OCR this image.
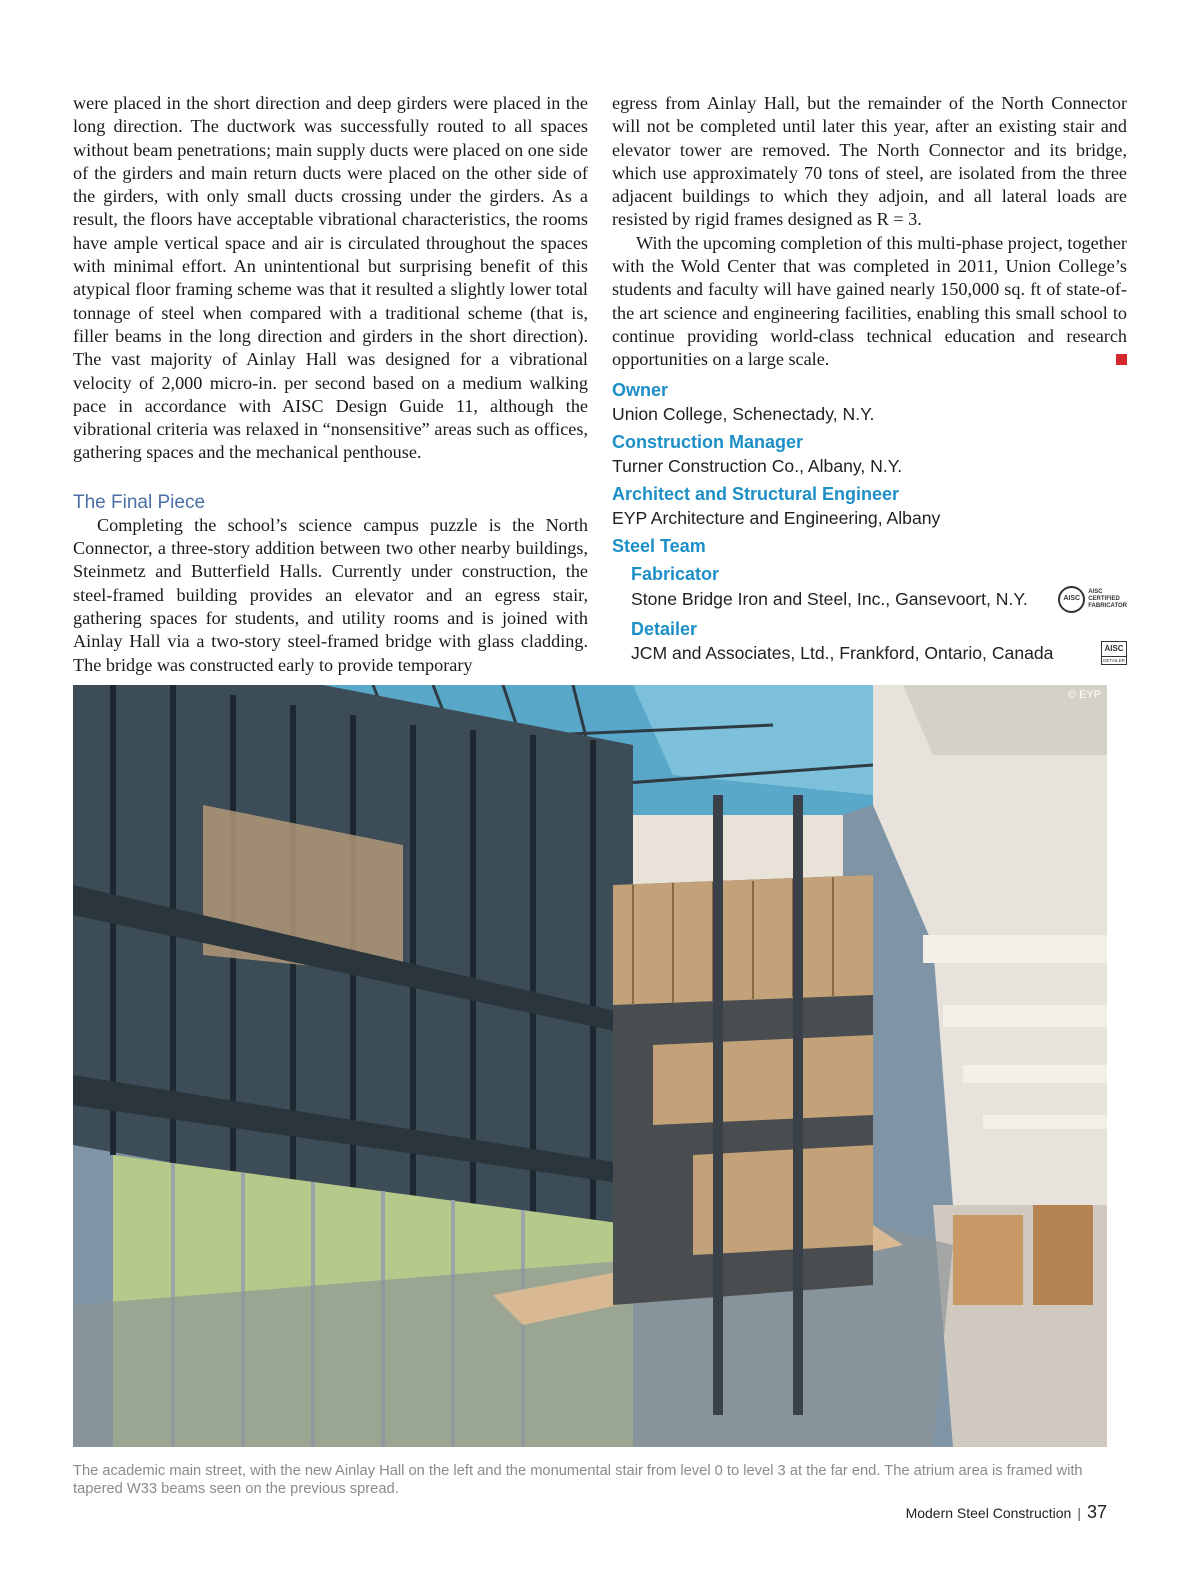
were placed in the short direction and deep girders were placed in the long direction. The ductwork was successfully routed to all spaces without beam penetrations; main supply ducts were placed on one side of the girders and main return ducts were placed on the other side of the girders, with only small ducts crossing under the girders. As a result, the floors have acceptable vibrational characteristics, the rooms have ample vertical space and air is circulated throughout the spaces with minimal effort. An unintentional but surprising benefit of this atypical floor framing scheme was that it resulted a slightly lower total tonnage of steel when compared with a traditional scheme (that is, filler beams in the long direction and girders in the short direction). The vast majority of Ainlay Hall was designed for a vibrational velocity of 2,000 micro-in. per second based on a medium walking pace in accordance with AISC Design Guide 11, although the vibrational criteria was relaxed in “nonsensitive” areas such as offices, gathering spaces and the mechanical penthouse.

The Final Piece

Completing the school’s science campus puzzle is the North Connector, a three-story addition between two other nearby buildings, Steinmetz and Butterfield Halls. Currently under construction, the steel-framed building provides an elevator and an egress stair, gathering spaces for students, and utility rooms and is joined with Ainlay Hall via a two-story steel-framed bridge with glass cladding. The bridge was constructed early to provide temporary

egress from Ainlay Hall, but the remainder of the North Connector will not be completed until later this year, after an existing stair and elevator tower are removed. The North Connector and its bridge, which use approximately 70 tons of steel, are isolated from the three adjacent buildings to which they adjoin, and all lateral loads are resisted by rigid frames designed as R = 3.

With the upcoming completion of this multi-phase project, together with the Wold Center that was completed in 2011, Union College’s students and faculty will have gained nearly 150,000 sq. ft of state-of-the art science and engineering facilities, enabling this small school to continue providing world-class technical education and research opportunities on a large scale.

Owner
Union College, Schenectady, N.Y.
Construction Manager
Turner Construction Co., Albany, N.Y.
Architect and Structural Engineer
EYP Architecture and Engineering, Albany
Steel Team
Fabricator
Stone Bridge Iron and Steel, Inc., Gansevoort, N.Y.	AISC
AISC
CERTIFIED
FABRICATOR
Detailer
JCM and Associates, Ltd., Frankford, Ontario, Canada	AISC
DETAILER
© EYP
The academic main street, with the new Ainlay Hall on the left and the monumental stair from level 0 to level 3 at the far end. The atrium area is framed with tapered W33 beams seen on the previous spread.
Modern Steel Construction | 37
